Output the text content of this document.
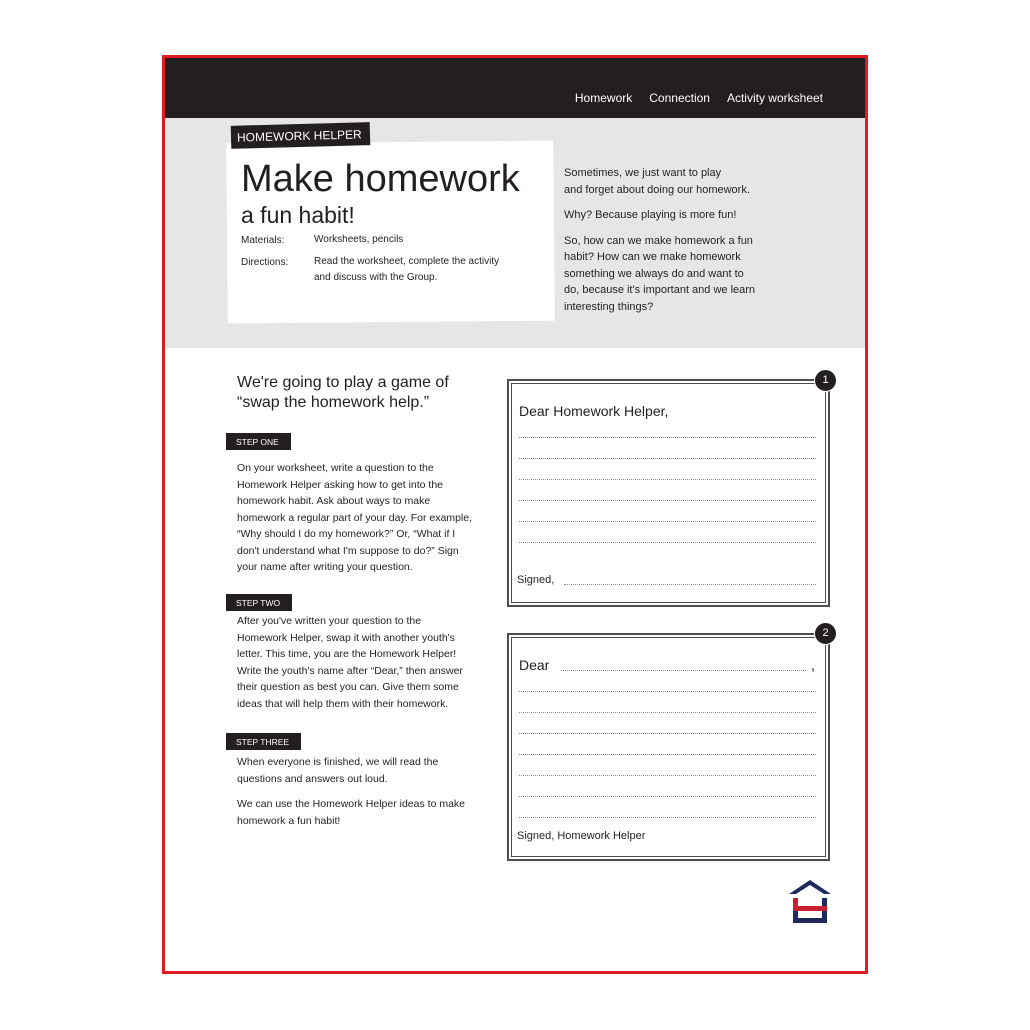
Homework Connection Activity worksheet
HOMEWORK HELPER
Make homework
a fun habit!
Materials:	Worksheets, pencils
Directions:	Read the worksheet, complete the activity
and discuss with the Group.

Sometimes, we just want to play
and forget about doing our homework.

Why? Because playing is more fun!

So, how can we make homework a fun
habit? How can we make homework
something we always do and want to
do, because it's important and we learn
interesting things?

We're going to play a game of “swap the homework help.”
STEP ONE

On your worksheet, write a question to the Homework Helper asking how to get into the homework habit. Ask about ways to make homework a regular part of your day. For example, “Why should I do my homework?” Or, “What if I don't understand what I'm suppose to do?” Sign your name after writing your question.

STEP TWO

After you've written your question to the Homework Helper, swap it with another youth's letter. This time, you are the Homework Helper! Write the youth's name after “Dear,” then answer their question as best you can. Give them some ideas that will help them with their homework.

STEP THREE

When everyone is finished, we will read the questions and answers out loud.

We can use the Homework Helper ideas to make homework a fun habit!

Dear Homework Helper,
Signed,
1
Dear	,
Signed, Homework Helper
2
